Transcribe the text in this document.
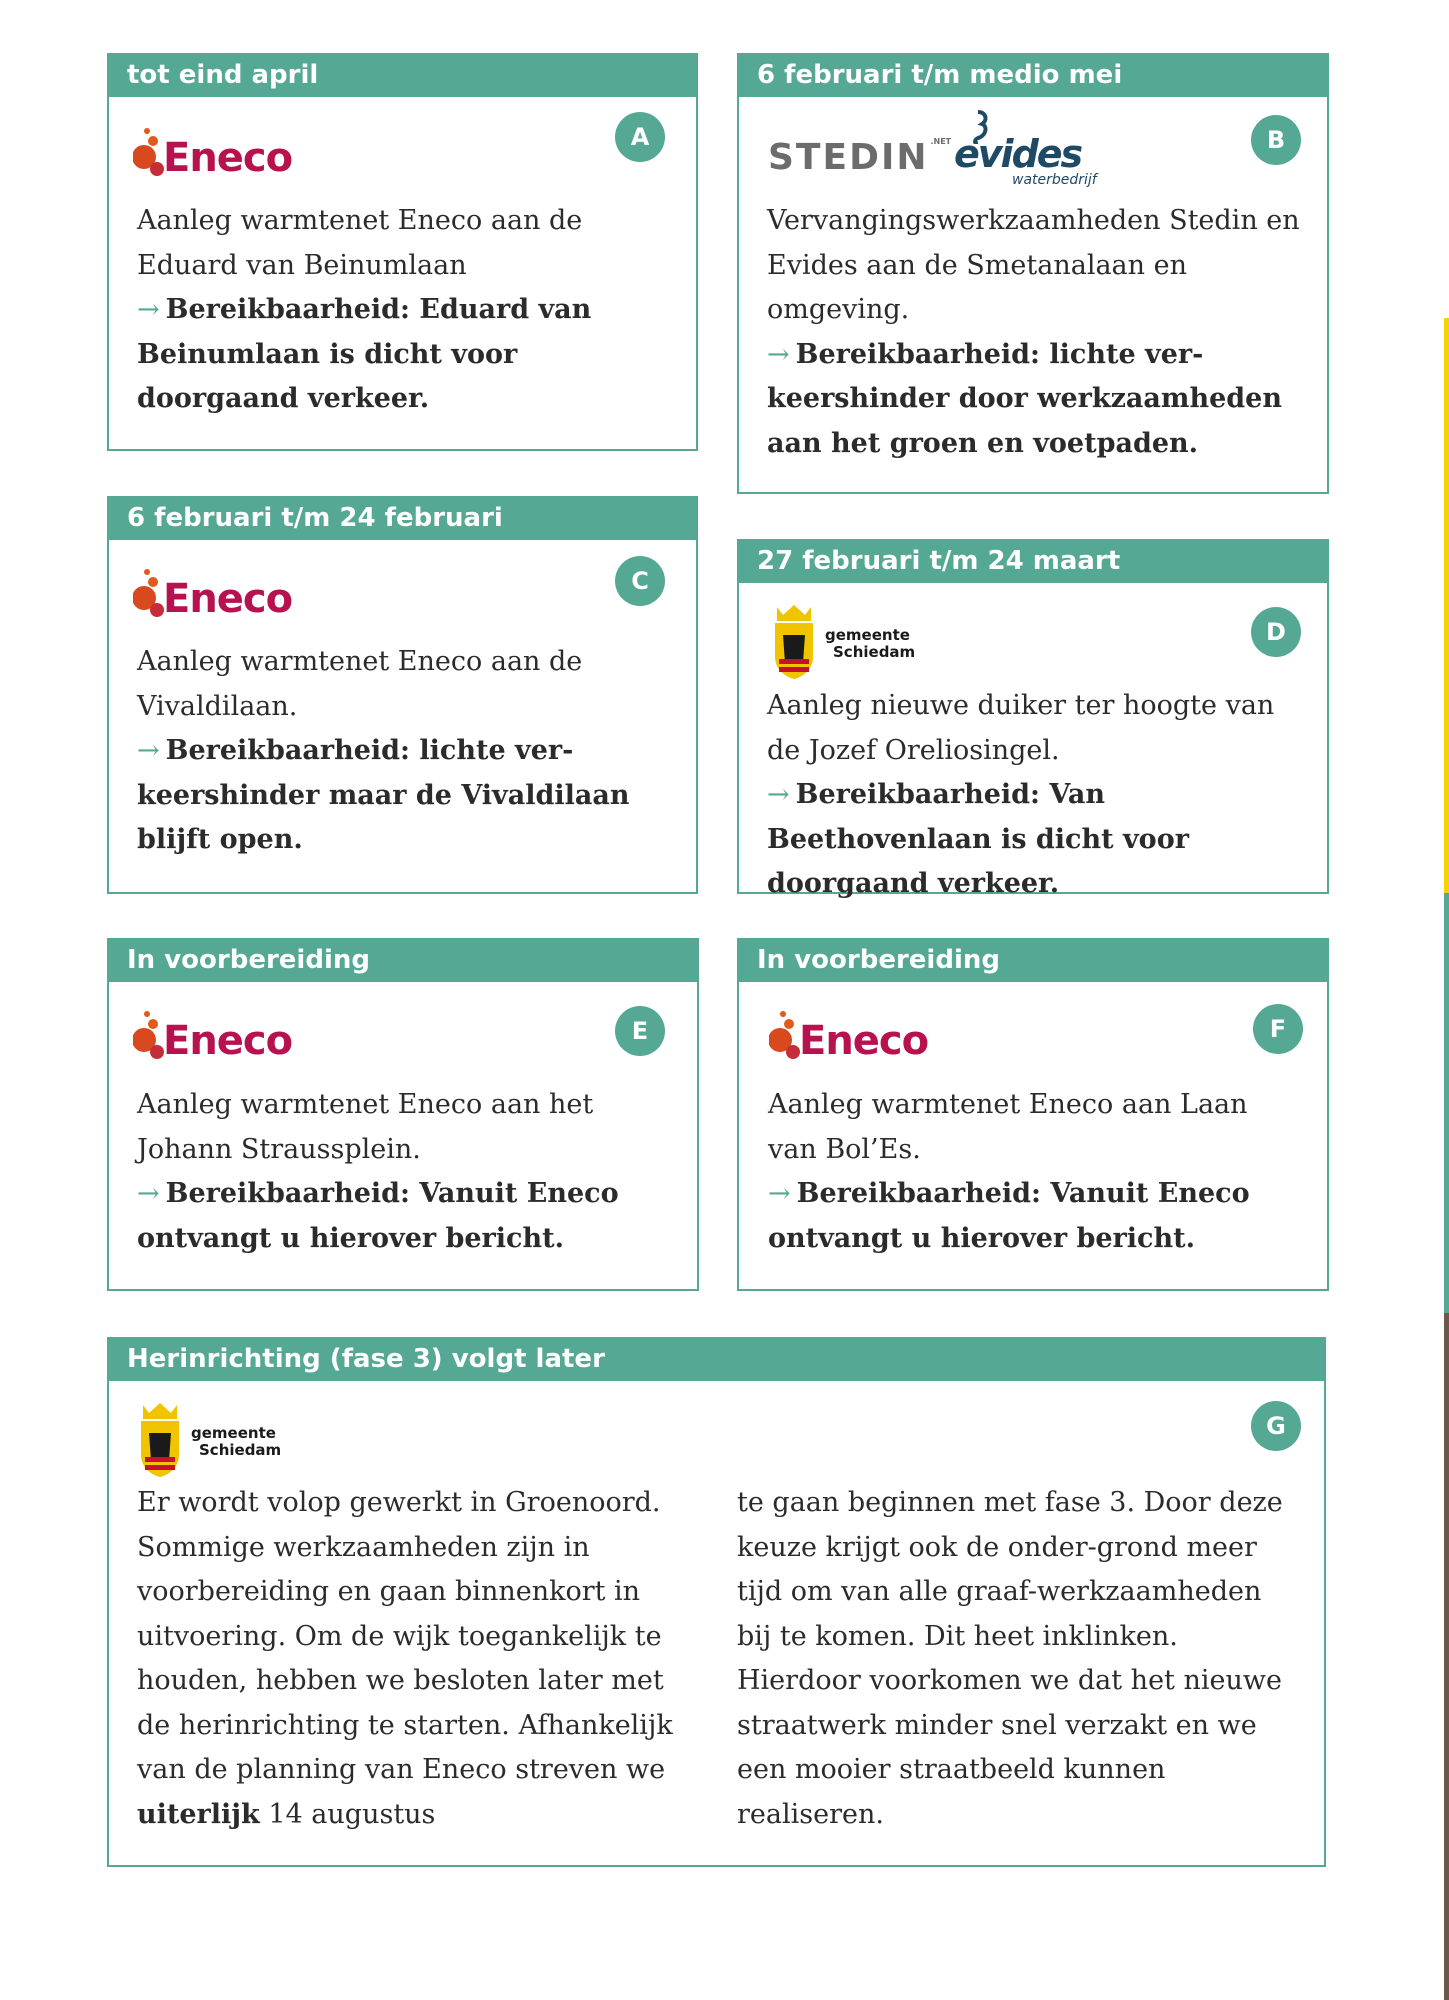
tot eind april
A
Eneco
Aanleg warmtenet Eneco aan de Eduard van Beinumlaan
→ Bereikbaarheid: Eduard van Beinumlaan is dicht voor doorgaand verkeer.
6 februari t/m medio mei
B
STEDIN $^{.NET}$ evides
waterbedrijf
Vervangingswerkzaamheden Stedin en Evides aan de Smetanalaan en omgeving.
→ Bereikbaarheid: lichte ver-keershinder door werkzaamheden aan het groen en voetpaden.
6 februari t/m 24 februari
C
Eneco
Aanleg warmtenet Eneco aan de Vivaldilaan.
→ Bereikbaarheid: lichte ver-keershinder maar de Vivaldilaan blijft open.
27 februari t/m 24 maart
D
gemeente
Schiedam
Aanleg nieuwe duiker ter hoogte van de Jozef Oreliosingel.
→ Bereikbaarheid: Van Beethovenlaan is dicht voor doorgaand verkeer.
In voorbereiding
E
Eneco
Aanleg warmtenet Eneco aan het Johann Straussplein.
→ Bereikbaarheid: Vanuit Eneco ontvangt u hierover bericht.
In voorbereiding
F
Eneco
Aanleg warmtenet Eneco aan Laan van Bol’Es.
→ Bereikbaarheid: Vanuit Eneco ontvangt u hierover bericht.
Herinrichting (fase 3) volgt later
G
gemeente
Schiedam
Er wordt volop gewerkt in Groenoord. Sommige werkzaamheden zijn in voorbereiding en gaan binnenkort in uitvoering. Om de wijk toegankelijk te houden, hebben we besloten later met de herinrichting te starten. Afhankelijk van de planning van Eneco streven we uiterlijk 14 augustus
te gaan beginnen met fase 3. Door deze keuze krijgt ook de onder-grond meer tijd om van alle graaf-werkzaamheden bij te komen. Dit heet inklinken. Hierdoor voorkomen we dat het nieuwe straatwerk minder snel verzakt en we een mooier straatbeeld kunnen realiseren.
